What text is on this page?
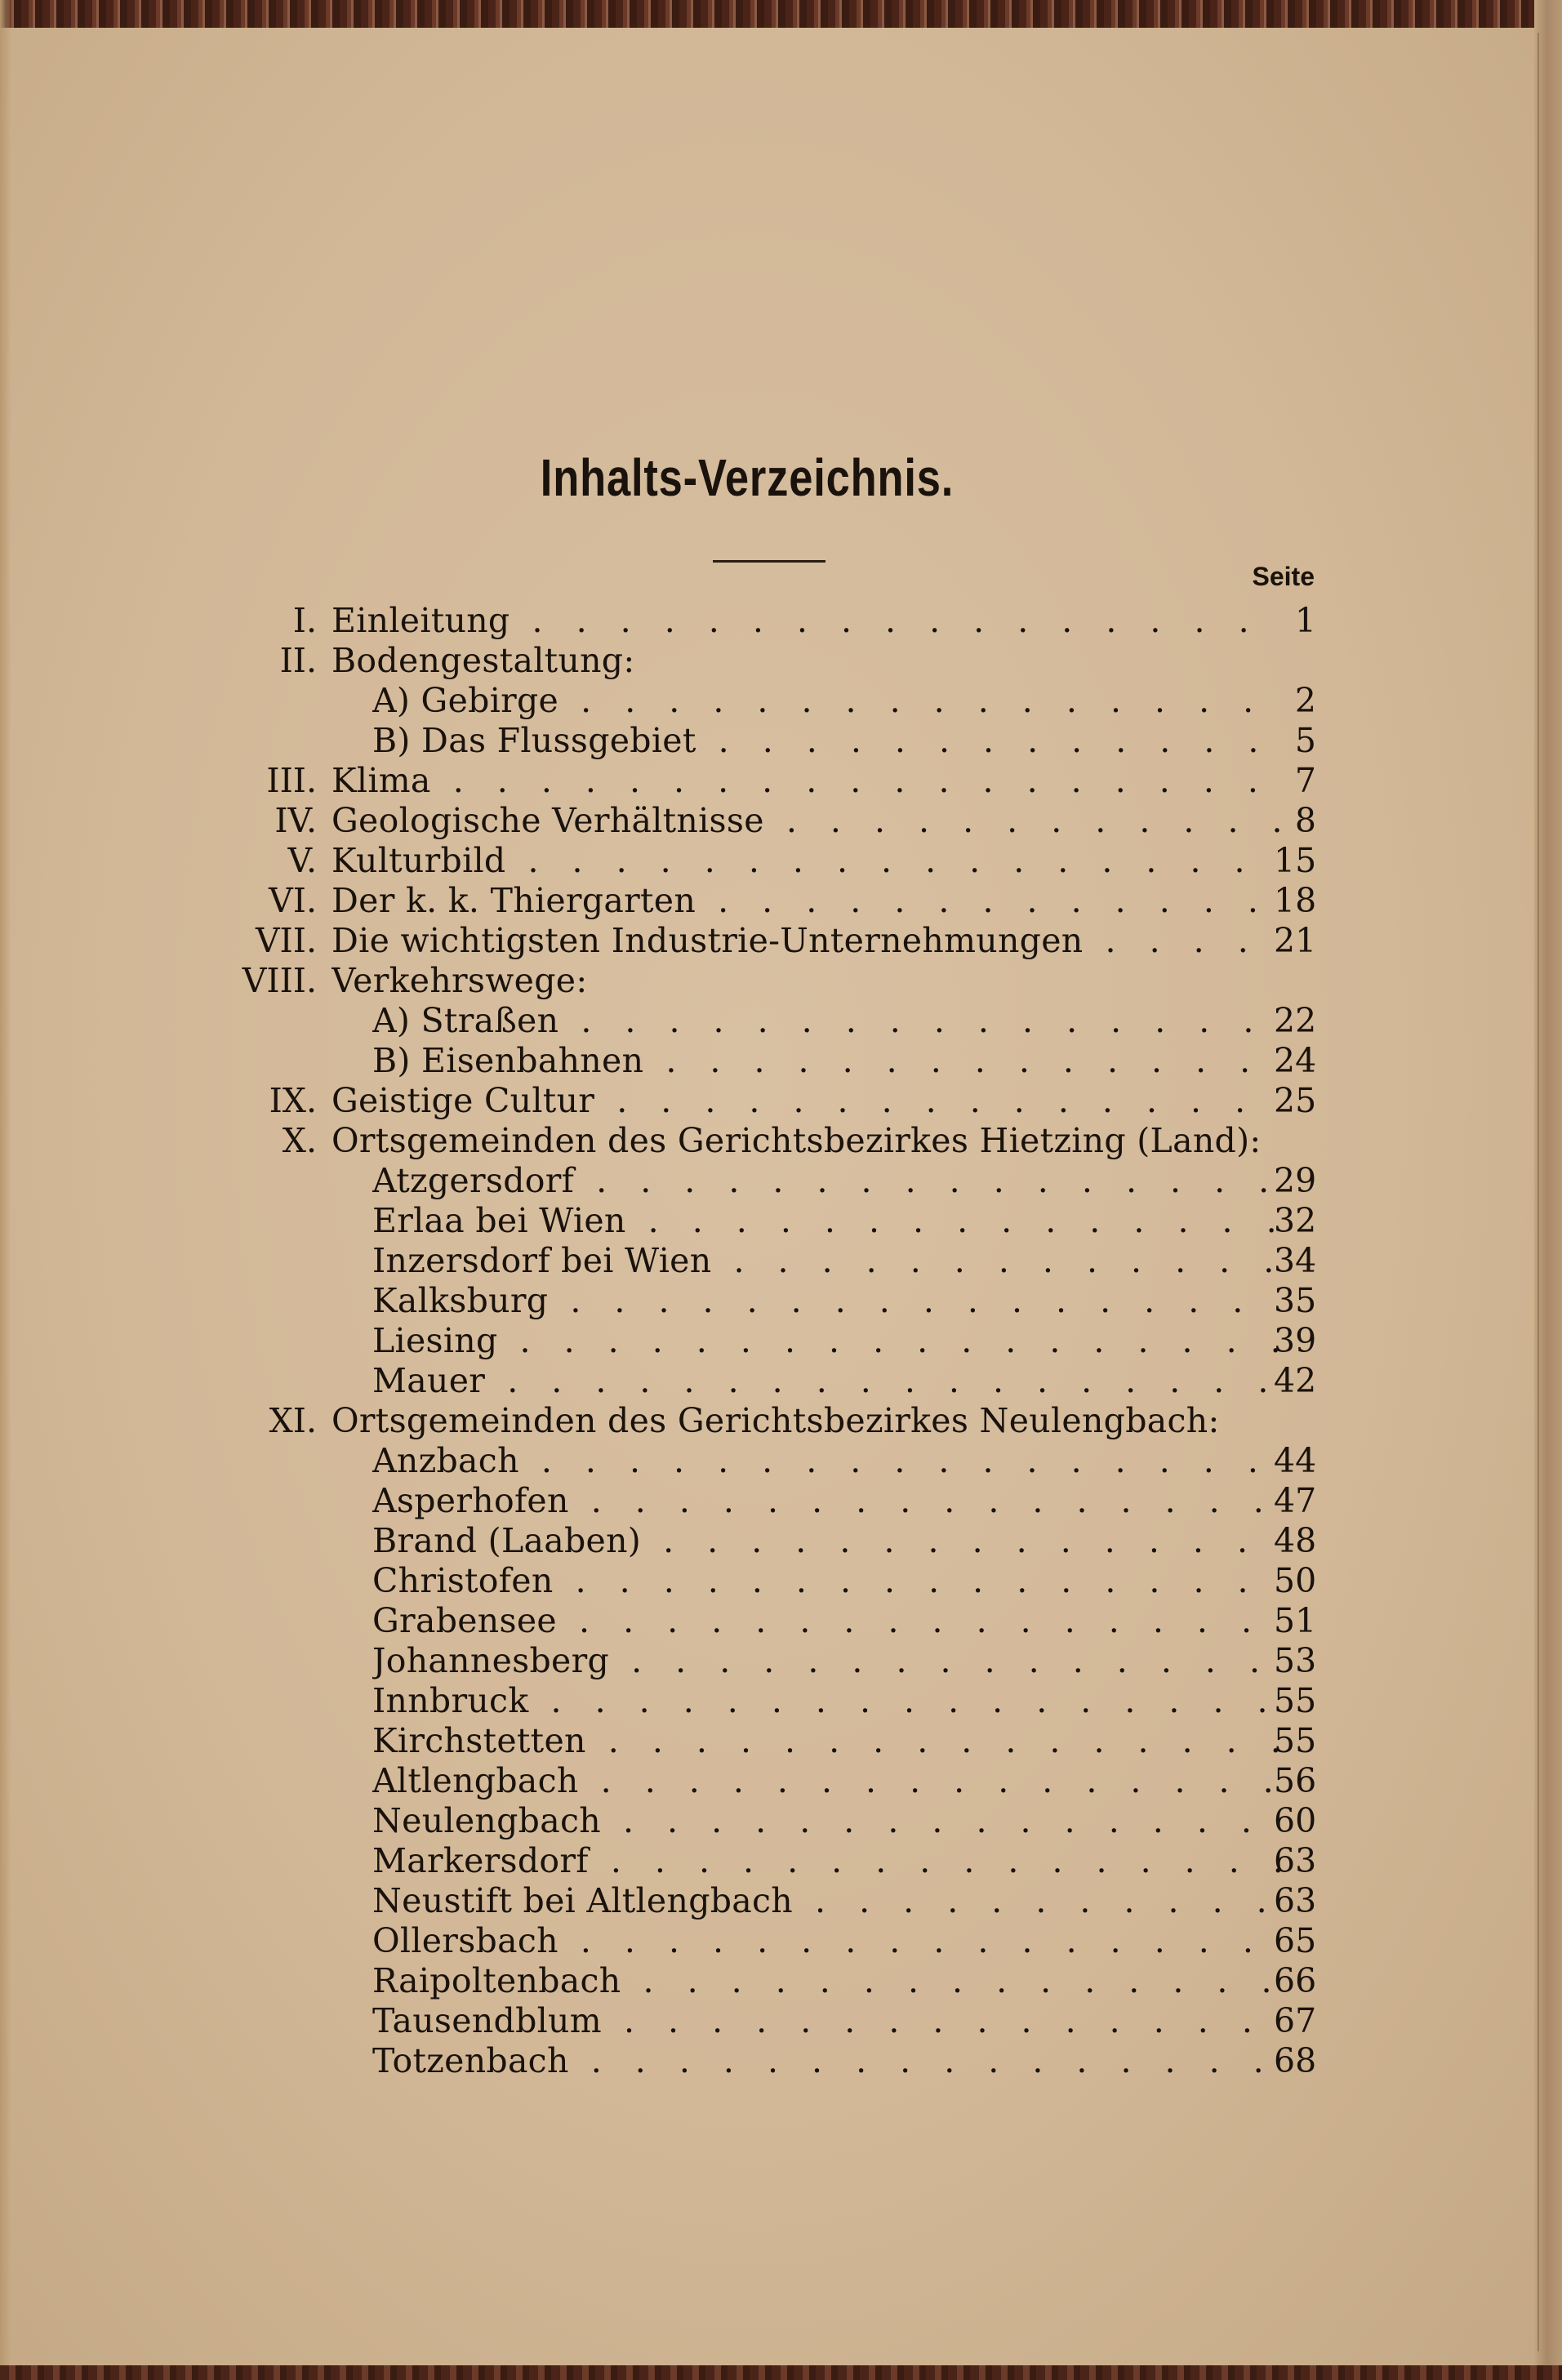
Inhalts-Verzeichnis.
Seite
I. Einleitung . . .	1
II. Bodengestaltung:
A) Gebirge . . .	2
B) Das Flussgebiet . . .	5
III. Klima . . .	7
IV. Geologische Verhältnisse . . .	8
V. Kulturbild . . .	15
VI. Der k. k. Thiergarten . . .	18
VII. Die wichtigsten Industrie-Unternehmungen . . .	21
VIII. Verkehrswege:
A) Straßen . . .	22
B) Eisenbahnen . . .	24
IX. Geistige Cultur . . .	25
X. Ortsgemeinden des Gerichtsbezirkes Hietzing (Land):
Atzgersdorf . . .	29
Erlaa bei Wien . . .	32
Inzersdorf bei Wien . . .	34
Kalksburg . . .	35
Liesing . . .	39
Mauer . . .	42
XI. Ortsgemeinden des Gerichtsbezirkes Neulengbach:
Anzbach . . .	44
Asperhofen . . .	47
Brand (Laaben) . . .	48
Christofen . . .	50
Grabensee . . .	51
Johannesberg . . .	53
Innbruck . . .	55
Kirchstetten . . .	55
Altlengbach . . .	56
Neulengbach . . .	60
Markersdorf . . .	63
Neustift bei Altlengbach . . .	63
Ollersbach . . .	65
Raipoltenbach . . .	66
Tausendblum . . .	67
Totzenbach . . .	68
